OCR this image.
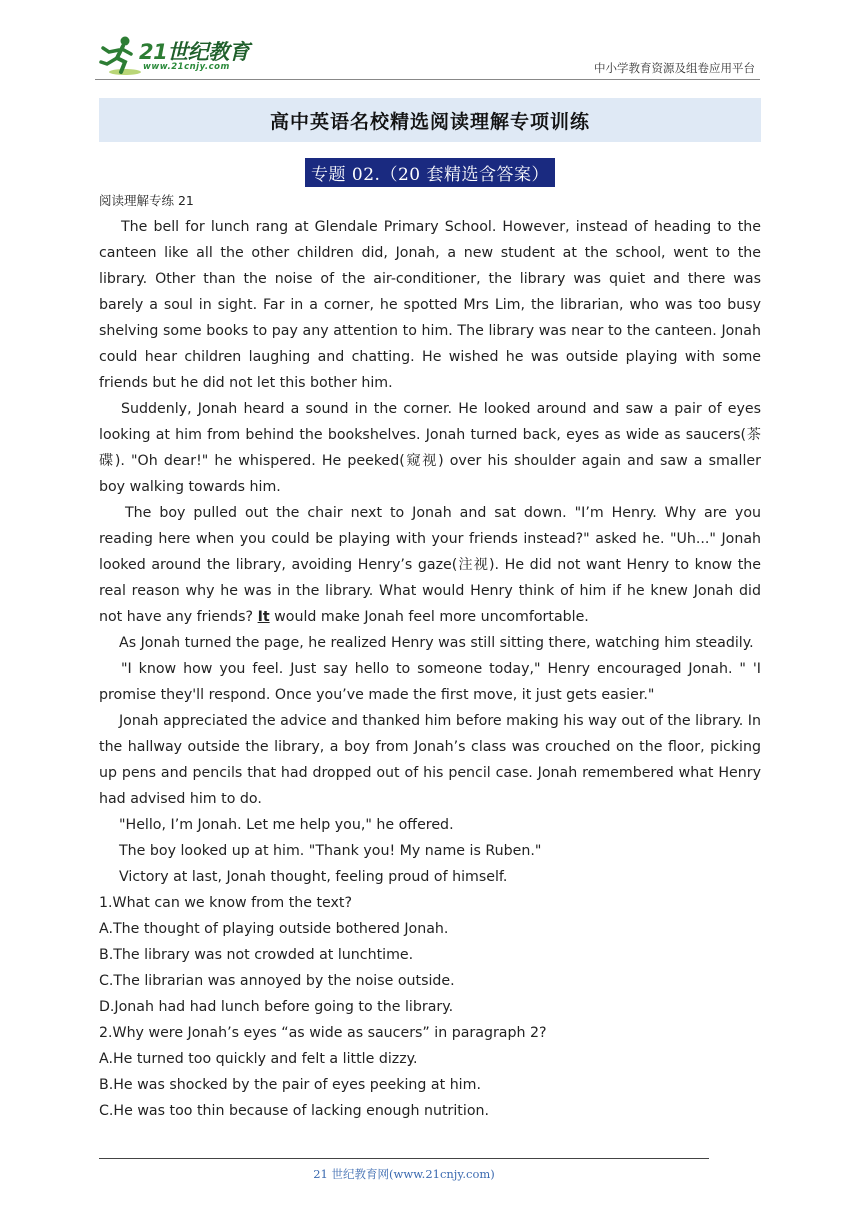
21世纪教育
www.21cnjy.com	中小学教育资源及组卷应用平台
高中英语名校精选阅读理解专项训练
专题 02.（20 套精选含答案）
阅读理解专练 21

The bell for lunch rang at Glendale Primary School. However, instead of heading to the canteen like all the other children did, Jonah, a new student at the school, went to the library. Other than the noise of the air-conditioner, the library was quiet and there was barely a soul in sight. Far in a corner, he spotted Mrs Lim, the librarian, who was too busy shelving some books to pay any attention to him. The library was near to the canteen. Jonah could hear children laughing and chatting. He wished he was outside playing with some friends but he did not let this bother him.

Suddenly, Jonah heard a sound in the corner. He looked around and saw a pair of eyes looking at him from behind the bookshelves. Jonah turned back, eyes as wide as saucers(茶碟). "Oh dear!" he whispered. He peeked(窥视) over his shoulder again and saw a smaller boy walking towards him.

The boy pulled out the chair next to Jonah and sat down. "I’m Henry. Why are you reading here when you could be playing with your friends instead?" asked he. "Uh..." Jonah looked around the library, avoiding Henry’s gaze(注视). He did not want Henry to know the real reason why he was in the library. What would Henry think of him if he knew Jonah did not have any friends? It would make Jonah feel more uncomfortable.

As Jonah turned the page, he realized Henry was still sitting there, watching him steadily.

"I know how you feel. Just say hello to someone today," Henry encouraged Jonah. " 'I promise they'll respond. Once you’ve made the first move, it just gets easier."

Jonah appreciated the advice and thanked him before making his way out of the library. In the hallway outside the library, a boy from Jonah’s class was crouched on the floor, picking up pens and pencils that had dropped out of his pencil case. Jonah remembered what Henry had advised him to do.

"Hello, I’m Jonah. Let me help you," he offered.

The boy looked up at him. "Thank you! My name is Ruben."

Victory at last, Jonah thought, feeling proud of himself.

1.What can we know from the text?
A.The thought of playing outside bothered Jonah.
B.The library was not crowded at lunchtime.
C.The librarian was annoyed by the noise outside.
D.Jonah had had lunch before going to the library.
2.Why were Jonah’s eyes “as wide as saucers” in paragraph 2?
A.He turned too quickly and felt a little dizzy.
B.He was shocked by the pair of eyes peeking at him.
C.He was too thin because of lacking enough nutrition.
21 世纪教育网(www.21cnjy.com)
